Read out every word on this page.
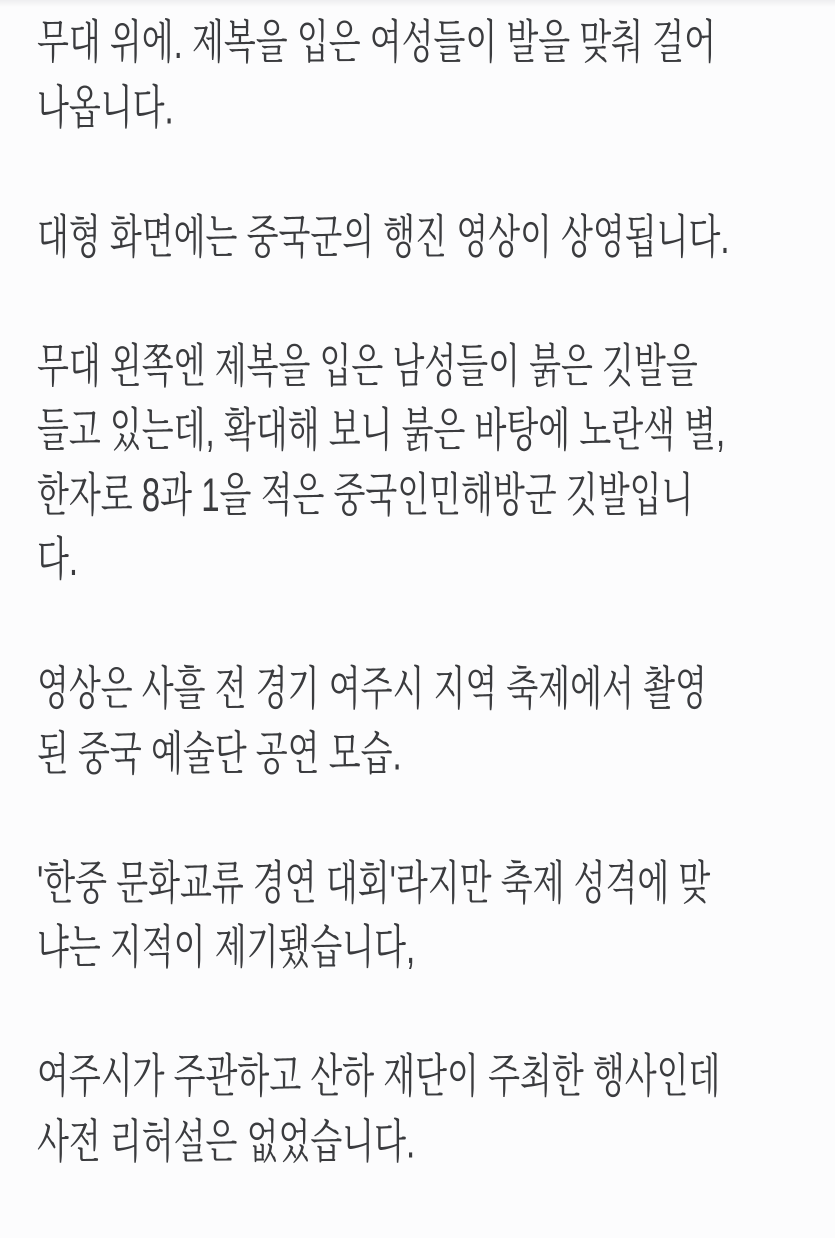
무대 위에. 제복을 입은 여성들이 발을 맞춰 걸어
나옵니다.
대형 화면에는 중국군의 행진 영상이 상영됩니다.
무대 왼쪽엔 제복을 입은 남성들이 붉은 깃발을
들고 있는데, 확대해 보니 붉은 바탕에 노란색 별,
한자로 8과 1을 적은 중국인민해방군 깃발입니
다.
영상은 사흘 전 경기 여주시 지역 축제에서 촬영
된 중국 예술단 공연 모습.
'한중 문화교류 경연 대회'라지만 축제 성격에 맞
냐는 지적이 제기됐습니다,
여주시가 주관하고 산하 재단이 주최한 행사인데
사전 리허설은 없었습니다.
